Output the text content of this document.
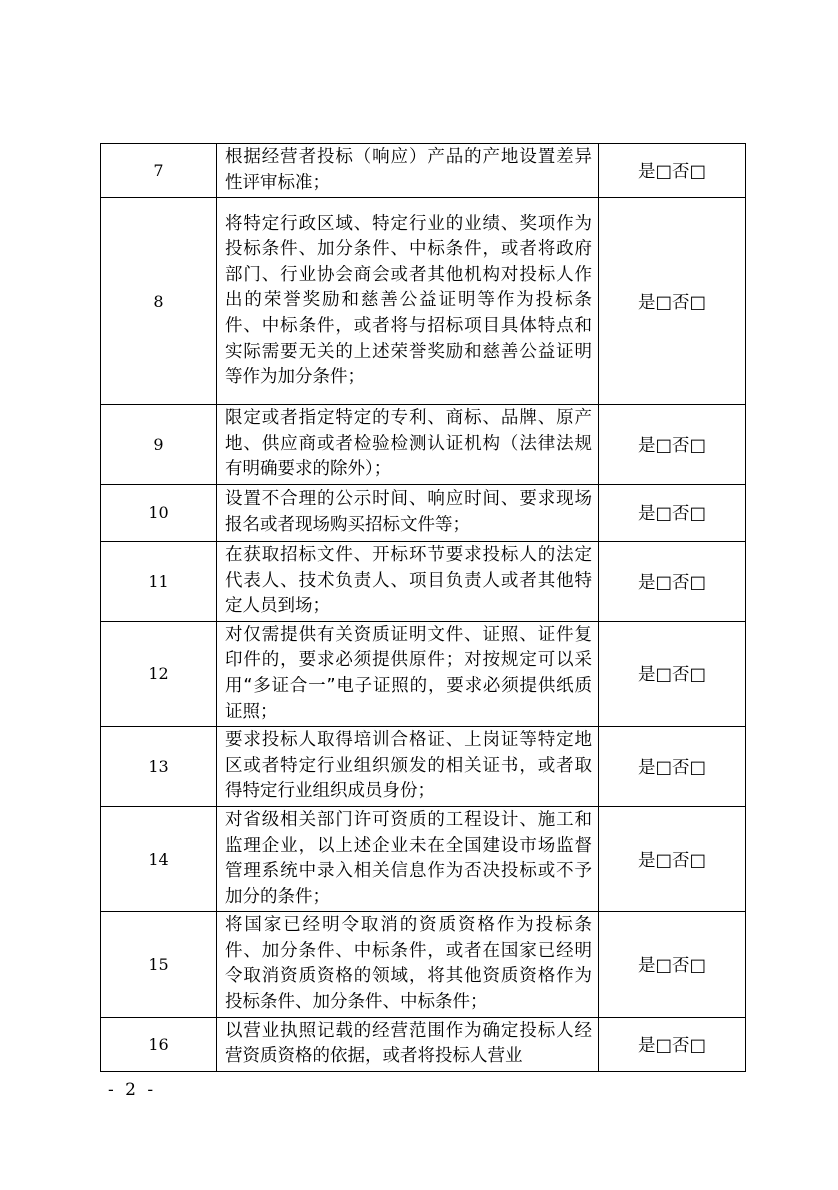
7	根据经营者投标（响应）产品的产地设置差异性评审标准；	是□否□
8	将特定行政区域、特定行业的业绩、奖项作为投标条件、加分条件、中标条件，或者将政府部门、行业协会商会或者其他机构对投标人作出的荣誉奖励和慈善公益证明等作为投标条件、中标条件，或者将与招标项目具体特点和实际需要无关的上述荣誉奖励和慈善公益证明等作为加分条件；	是□否□
9	限定或者指定特定的专利、商标、品牌、原产地、供应商或者检验检测认证机构（法律法规有明确要求的除外）；	是□否□
10	设置不合理的公示时间、响应时间、要求现场报名或者现场购买招标文件等；	是□否□
11	在获取招标文件、开标环节要求投标人的法定代表人、技术负责人、项目负责人或者其他特定人员到场；	是□否□
12	对仅需提供有关资质证明文件、证照、证件复印件的，要求必须提供原件；对按规定可以采用“多证合一”电子证照的，要求必须提供纸质证照；	是□否□
13	要求投标人取得培训合格证、上岗证等特定地区或者特定行业组织颁发的相关证书，或者取得特定行业组织成员身份；	是□否□
14	对省级相关部门许可资质的工程设计、施工和监理企业，以上述企业未在全国建设市场监督管理系统中录入相关信息作为否决投标或不予加分的条件；	是□否□
15	将国家已经明令取消的资质资格作为投标条件、加分条件、中标条件，或者在国家已经明令取消资质资格的领域，将其他资质资格作为投标条件、加分条件、中标条件；	是□否□
16	以营业执照记载的经营范围作为确定投标人经营资质资格的依据，或者将投标人营业	是□否□
- 2 -
